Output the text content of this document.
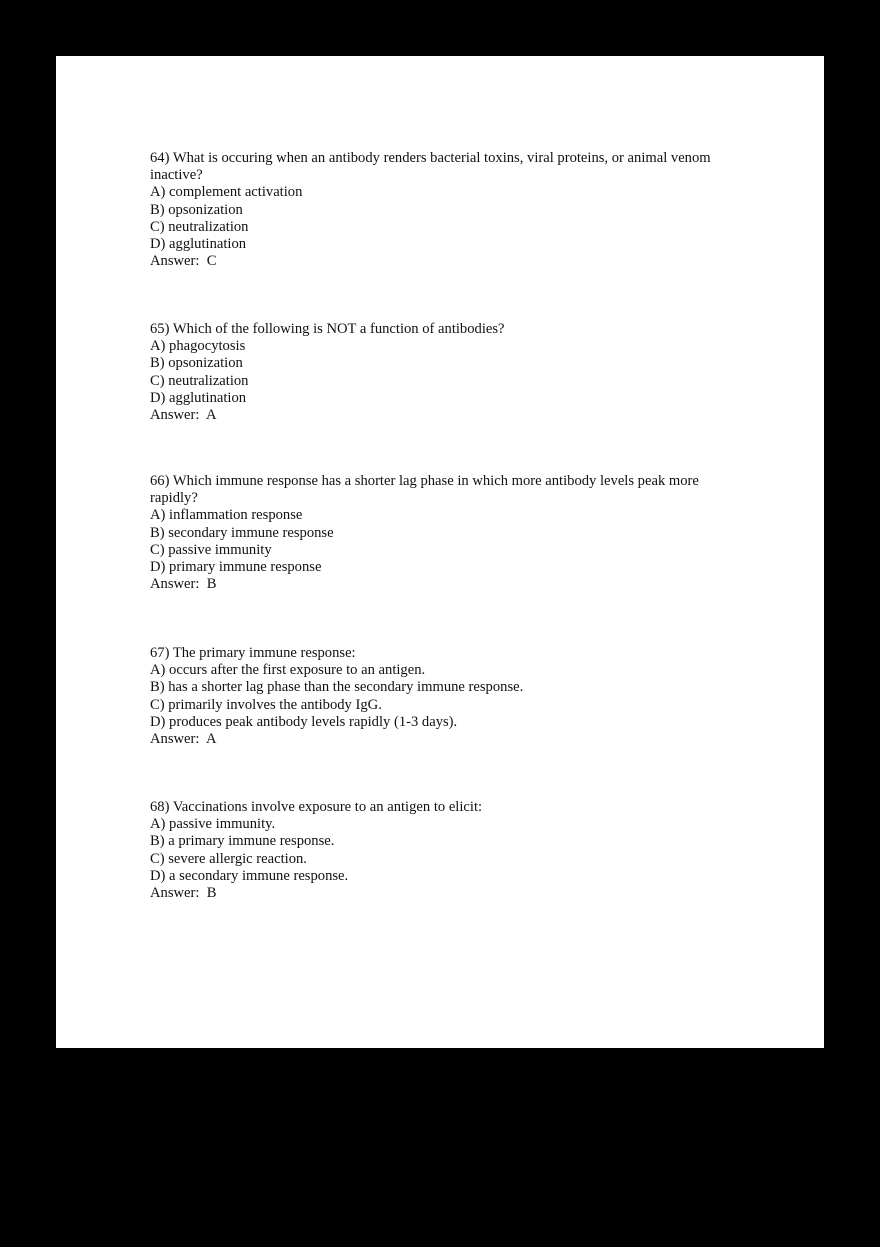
64) What is occuring when an antibody renders bacterial toxins, viral proteins, or animal venom inactive?
A) complement activation
B) opsonization
C) neutralization
D) agglutination
Answer:  C
65) Which of the following is NOT a function of antibodies?
A) phagocytosis
B) opsonization
C) neutralization
D) agglutination
Answer:  A
66) Which immune response has a shorter lag phase in which more antibody levels peak more rapidly?
A) inflammation response
B) secondary immune response
C) passive immunity
D) primary immune response
Answer:  B
67) The primary immune response:
A) occurs after the first exposure to an antigen.
B) has a shorter lag phase than the secondary immune response.
C) primarily involves the antibody IgG.
D) produces peak antibody levels rapidly (1-3 days).
Answer:  A
68) Vaccinations involve exposure to an antigen to elicit:
A) passive immunity.
B) a primary immune response.
C) severe allergic reaction.
D) a secondary immune response.
Answer:  B
